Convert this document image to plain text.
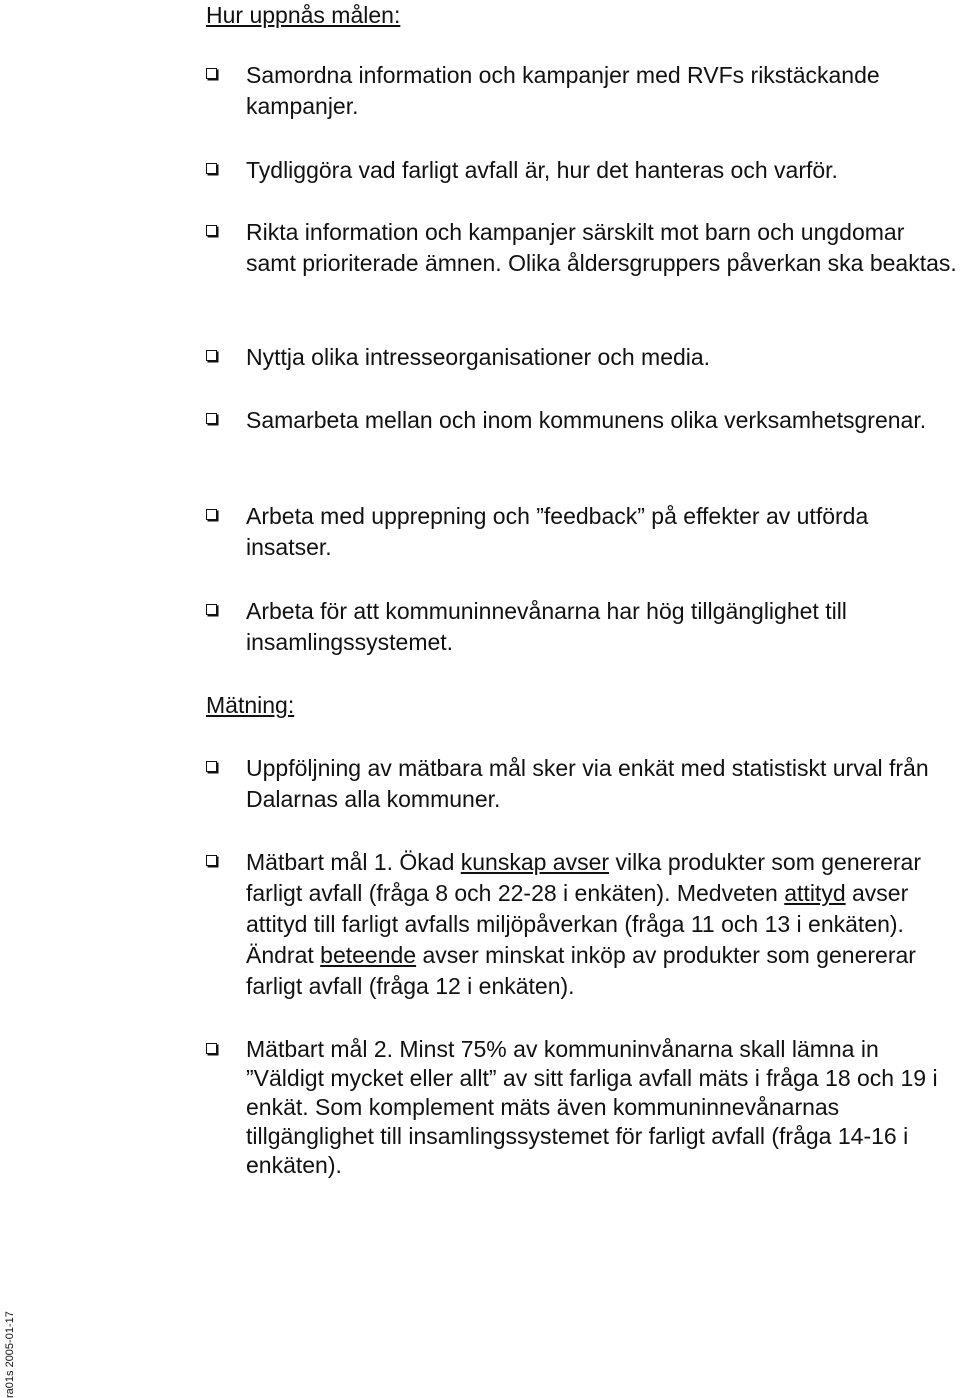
Hur uppnås målen:
Samordna information och kampanjer med RVFs rikstäckande kampanjer.
Tydliggöra vad farligt avfall är, hur det hanteras och varför.
Rikta information och kampanjer särskilt mot barn och ungdomar samt prioriterade ämnen. Olika åldersgruppers påverkan ska beaktas.
Nyttja olika intresseorganisationer och media.
Samarbeta mellan och inom kommunens olika verksamhetsgrenar.
Arbeta med upprepning och ”feedback” på effekter av utförda insatser.
Arbeta för att kommuninnevånarna har hög tillgänglighet till insamlingssystemet.
Mätning:
Uppföljning av mätbara mål sker via enkät med statistiskt urval från Dalarnas alla kommuner.
Mätbart mål 1. Ökad kunskap avser vilka produkter som genererar farligt avfall (fråga 8 och 22-28 i enkäten). Medveten attityd avser attityd till farligt avfalls miljöpåverkan (fråga 11 och 13 i enkäten). Ändrat beteende avser minskat inköp av produkter som genererar farligt avfall (fråga 12 i enkäten).
Mätbart mål 2. Minst 75% av kommuninvånarna skall lämna in ”Väldigt mycket eller allt” av sitt farliga avfall mäts i fråga 18 och 19 i enkät. Som komplement mäts även kommuninnevånarnas tillgänglighet till insamlingssystemet för farligt avfall (fråga 14-16 i enkäten).
ra01s 2005-01-17
